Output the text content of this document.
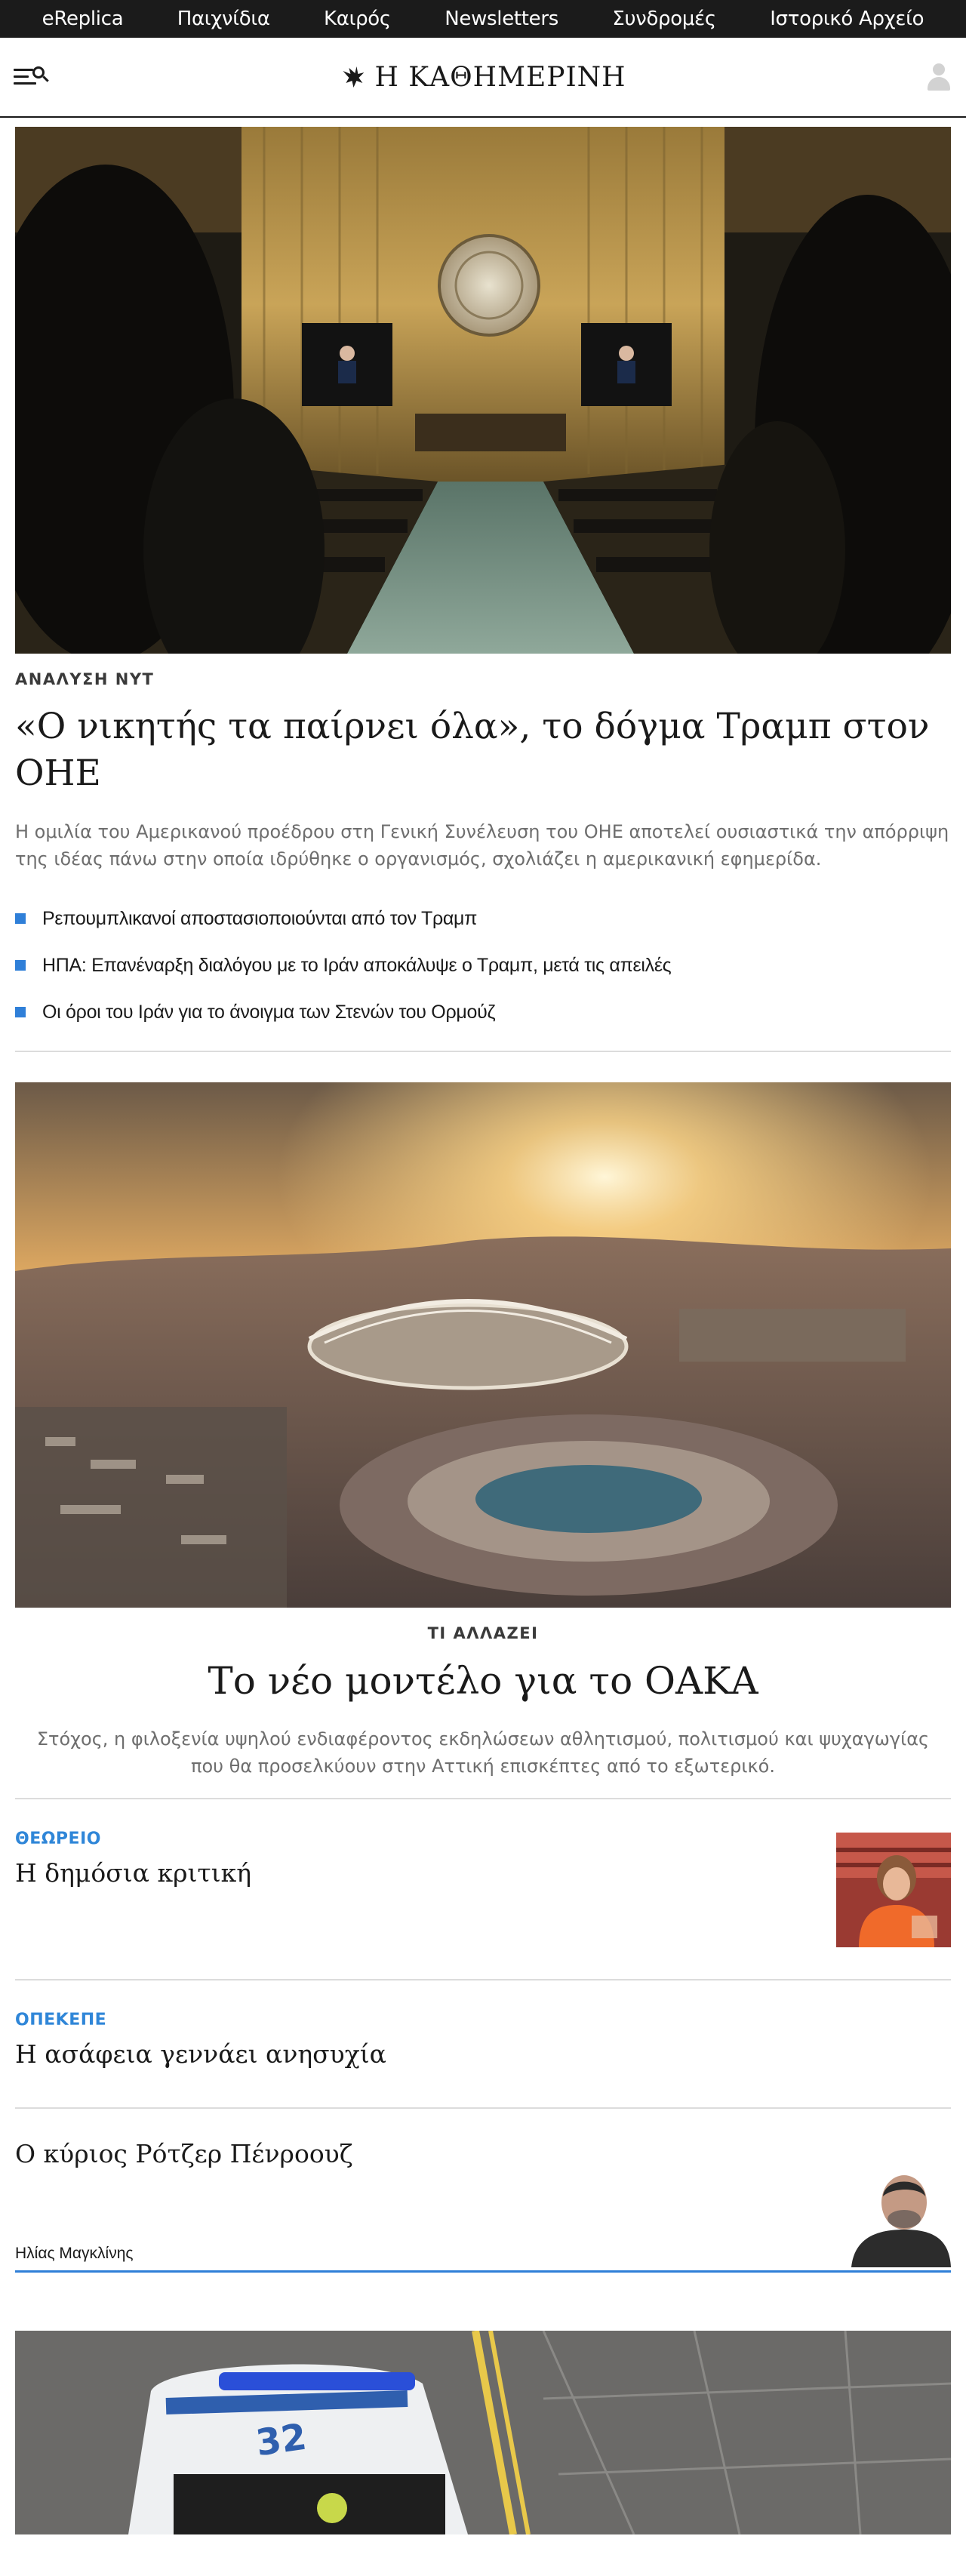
eReplica	Παιχνίδια	Καιρός	Newsletters	Συνδρομές	Ιστορικό Αρχείο
Η ΚΑΘΗΜΕΡΙΝΗ
ΑΝΑΛΥΣΗ ΝΥΤ
«Ο νικητής τα παίρνει όλα», το δόγμα Τραμπ στον ΟΗΕ

Η ομιλία του Αμερικανού προέδρου στη Γενική Συνέλευση του ΟΗΕ αποτελεί ουσιαστικά την απόρριψη της ιδέας πάνω στην οποία ιδρύθηκε ο οργανισμός, σχολιάζει η αμερικανική εφημερίδα.

Ρεπουμπλικανοί αποστασιοποιούνται από τον Τραμπ
ΗΠΑ: Επανέναρξη διαλόγου με το Ιράν αποκάλυψε ο Τραμπ, μετά τις απειλές
Οι όροι του Ιράν για το άνοιγμα των Στενών του Ορμούζ
ΤΙ ΑΛΛΑΖΕΙ
Το νέο μοντέλο για το ΟΑΚΑ

Στόχος, η φιλοξενία υψηλού ενδιαφέροντος εκδηλώσεων αθλητισμού, πολιτισμού και ψυχαγωγίας που θα προσελκύουν στην Αττική επισκέπτες από το εξωτερικό.

ΘΕΩΡΕΙΟ
Η δημόσια κριτική
ΟΠΕΚΕΠΕ
Η ασάφεια γεννάει ανησυχία
Ο κύριος Ρότζερ Πένροουζ
Ηλίας Μαγκλίνης
32
